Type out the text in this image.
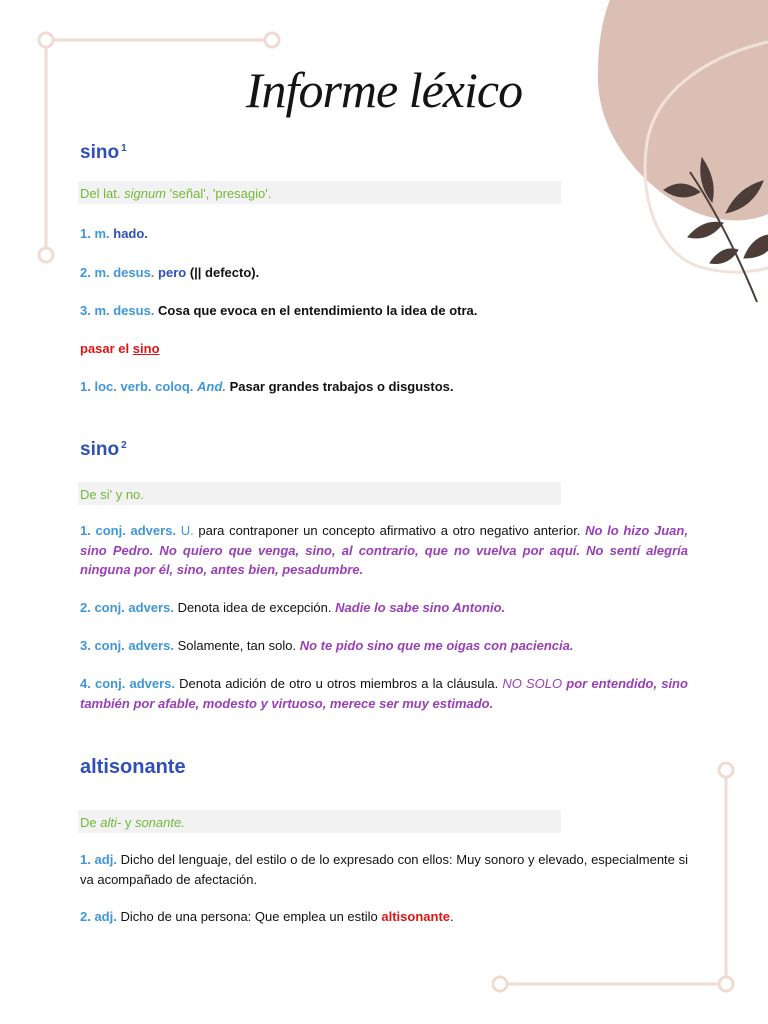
Informe léxico
sino $^1$
Del lat. signum 'señal', 'presagio'.

1. m. hado.

2. m. desus. pero (|| defecto).

3. m. desus. Cosa que evoca en el entendimiento la idea de otra.

pasar el sino

1. loc. verb. coloq. And. Pasar grandes trabajos o disgustos.

sino $^2$
De si' y no.

1. conj. advers. U. para contraponer un concepto afirmativo a otro negativo anterior. No lo hizo Juan, sino Pedro. No quiero que venga, sino, al contrario, que no vuelva por aquí. No sentí alegría ninguna por él, sino, antes bien, pesadumbre.

2. conj. advers. Denota idea de excepción. Nadie lo sabe sino Antonio.

3. conj. advers. Solamente, tan solo. No te pido sino que me oigas con paciencia.

4. conj. advers. Denota adición de otro u otros miembros a la cláusula. NO SOLO por entendido, sino también por afable, modesto y virtuoso, merece ser muy estimado.

altisonante
De alti- y sonante.

1. adj. Dicho del lenguaje, del estilo o de lo expresado con ellos: Muy sonoro y elevado, especialmente si va acompañado de afectación.

2. adj. Dicho de una persona: Que emplea un estilo altisonante.
